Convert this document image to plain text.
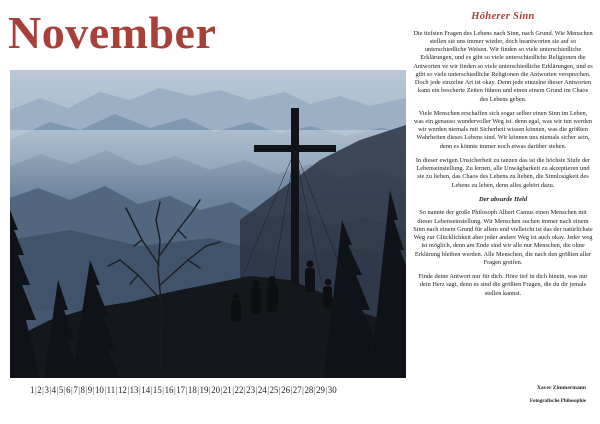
November	Höherer Sinn

Die tiefsten Fragen des Lebens nach Sinn, nach Grund. Wie Menschen stellen sie uns immer wieder, doch beantworten sie auf so unterschiedliche Weisen. Wir finden so viele unterschiedliche Erklärungen, und es gibt so viele unterschiedliche Religionen die Antworten ve wir finden so viele unterschiedliche Erklärungen, und es gibt so viele unterschiedliche Religionen die Antworten versprechen. Doch jede einzelne Art ist okay. Denn jede einzelne dieser Antworten kann ein bescherte Zeiten führen und einen einem Grund im Chaos des Lebens geben.

Viele Menschen erschaffen sich sogar selber einen Sinn im Leben, was ein genauso wundervoller Weg ist. denn egal, was wir tun werden wir werden niemals mit Sicherheit wissen können, was die größten Wahrheiten dieses Lebens sind. Wir können uns niemals sicher sein, denn es könnte immer noch etwas darüber stehen.

In dieser ewigen Unsicherheit zu tanzen das ist die höchste Stufe der Lebenseinstellung. Zu lernen, alle Unwägbarkeit zu akzeptieren und sie zu lieben, das Chaos des Lebens zu lieben, die Sinnlosigkeit des Lebens zu leben, denn alles gehört dazu.

Der absurde Held

So nannte der große Philosoph Albert Camus einen Menschen mit dieser Lebenseinstellung. Wir Menschen suchen immer nach einem Sinn nach einem Grund für allem und vielleicht ist das der natürlichste Weg zur Glücklichkeit aber jeder andere Weg ist auch okay. Jeder weg ist möglich, denn am Ende sind wir alle nur Menschen, die ohne Erklärung bleiben werden. Alle Menschen, die nach den größten aller Fragen greifen.

Finde deine Antwort nur für dich. Höre tief in dich hinein, was nur dein Herz sagt, denn es sind die größten Fragen, die du dir jemals stellen kannst.

1 | 2 | 3 | 4 | 5 | 6 | 7 | 8 | 9 | 10 | 11 | 12 | 13 | 14 | 15 | 16 | 17 | 18 | 19 | 20 | 21 | 22 | 23 | 24 | 25 | 26 | 27 | 28 | 29 | 30	Xaver Zimmermann
Fotografische Philosophie
